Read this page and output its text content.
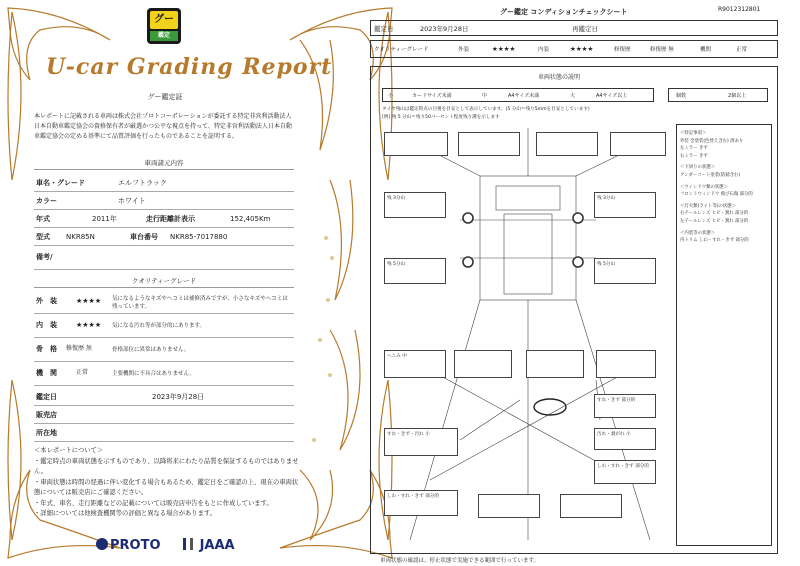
グー
鑑定
U-car Grading Report
グー鑑定証
本レポートに記載される車両は株式会社プロトコーポレーションが委託する特定非営利活動法人日本自動車鑑定協会の資格保有者が厳選かつ公平な視点を持って、特定非営利活動法人日本自動車鑑定協会の定める基準にて品質評価を行ったものであることを証明する。
車両諸元内容
車名・グレード	エルフトラック
カラー	ホワイト
年式	2011年	走行距離計表示	152,405Km
型式 NKR85N	車台番号 NKR85-7017880
備考/
クオリティーグレード
外　装	★★★★ 気になるようなキズやヘコミは補修済みですが、小さなキズやヘコミは残っています。
内　装	★★★★ 気になる汚れ等が部分的にあります。
骨　格 修復歴 無	骨格部位に異常はありません。
機　関	正常	主要機関に不具合はありません。
鑑定日	2023年9月28日
販売店
所在地
＜本レポートについて＞
・鑑定時点の車両状態を示すものであり、以降将来にわたり品質を保証するものではありません。
・車両状態は時間の経過に伴い変化する場合もあるため、鑑定日をご確認の上、現在の車両状態については販売店にご確認ください。
・年式、車名、走行距離などの記載については販売店申告をもとに作成しています。
・詳細については他検査機関等の評価と異なる場合があります。
PROTO	JAAA
R9012312801
グー鑑定 コンディションチェックシート
鑑定日	2023年9月28日	再鑑定日
クオリティーグレード	外装	★★★★	内装	★★★★	修復歴	修復歴 無	機関	正常
車両状態の説明
小	カードサイズ未満	中	A4サイズ未満	大	A4サイズ以上	個数	2個以上
タイヤ残山は鑑定時点の目視を目安として表示しています。(5 分山＝残り5mmを目安としています)
[例] 残 5 分山＝残り50パーセント程度残り溝を示します
残 3分山	残 3分山
残 5分山	残 5分山
へこみ 中
すれ・きず 部分的
すれ・きず・汚れ 小	汚れ・剥がれ 小
しわ・すれ・きず 部分的
しわ・すれ・きず 部分的
＜特記事項＞
外装 全塗装(色替え含む) 済あり
左ミラー きず
右ミラー きず
＜下回りの状態＞
アンダーコート塗装(防錆含む)
＜ウィンドウ類の状態＞
フロントウィンドウ 飛び石傷 部分的
＜灯火類(ライト等)の状態＞
右テールレンズ ヒビ・割れ 部分的
左テールレンズ ヒビ・割れ 部分的
＜内装等の状態＞
内トリム しわ・すれ・きず 部分的
車両状態の確認は、停止状態で実施できる範囲で行っています。
